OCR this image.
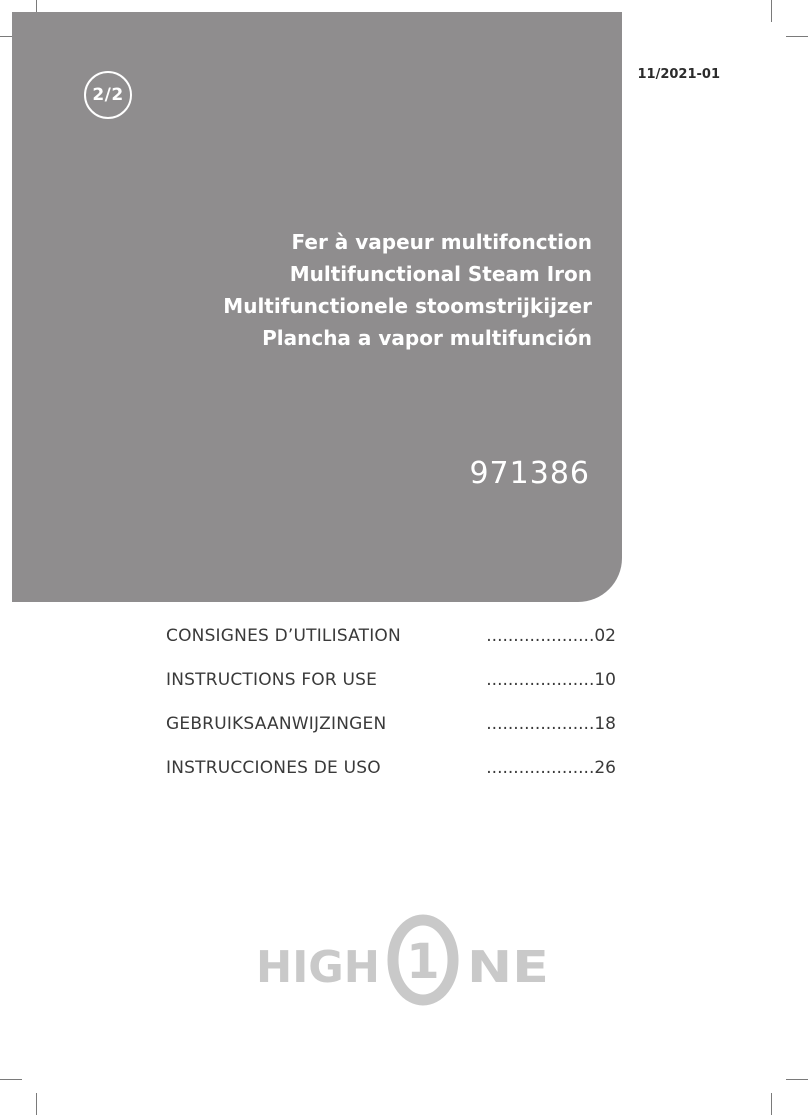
2/2
11/2021-01
Fer à vapeur multifonction
Multifunctional Steam Iron
Multifunctionele stoomstrijkijzer
Plancha a vapor multifunción
971386
CONSIGNES D’UTILISATION	....................02
INSTRUCTIONS FOR USE	....................10
GEBRUIKSAANWIJZINGEN	....................18
INSTRUCCIONES DE USO	....................26
HIGH 1 NE
